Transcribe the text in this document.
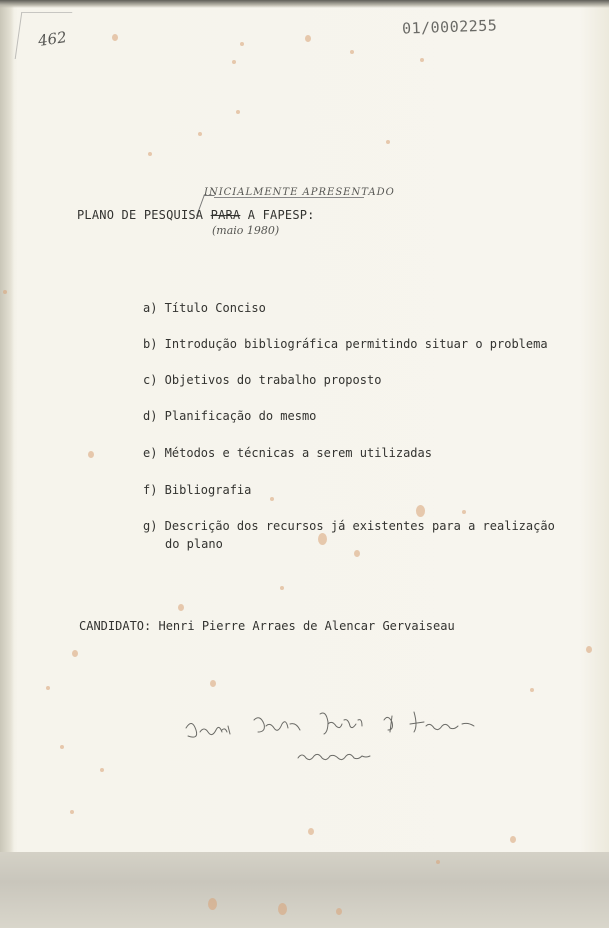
01/0002255
462
INICIALMENTE APRESENTADO
(maio 1980)
PLANO DE PESQUISA PARA A FAPESP:
a) Título Conciso
b) Introdução bibliográfica permitindo situar o problema
c) Objetivos do trabalho proposto
d) Planificação do mesmo
e) Métodos e técnicas a serem utilizadas
f) Bibliografia
g) Descrição dos recursos já existentes para a realização
do plano
CANDIDATO: Henri Pierre Arraes de Alencar Gervaiseau
